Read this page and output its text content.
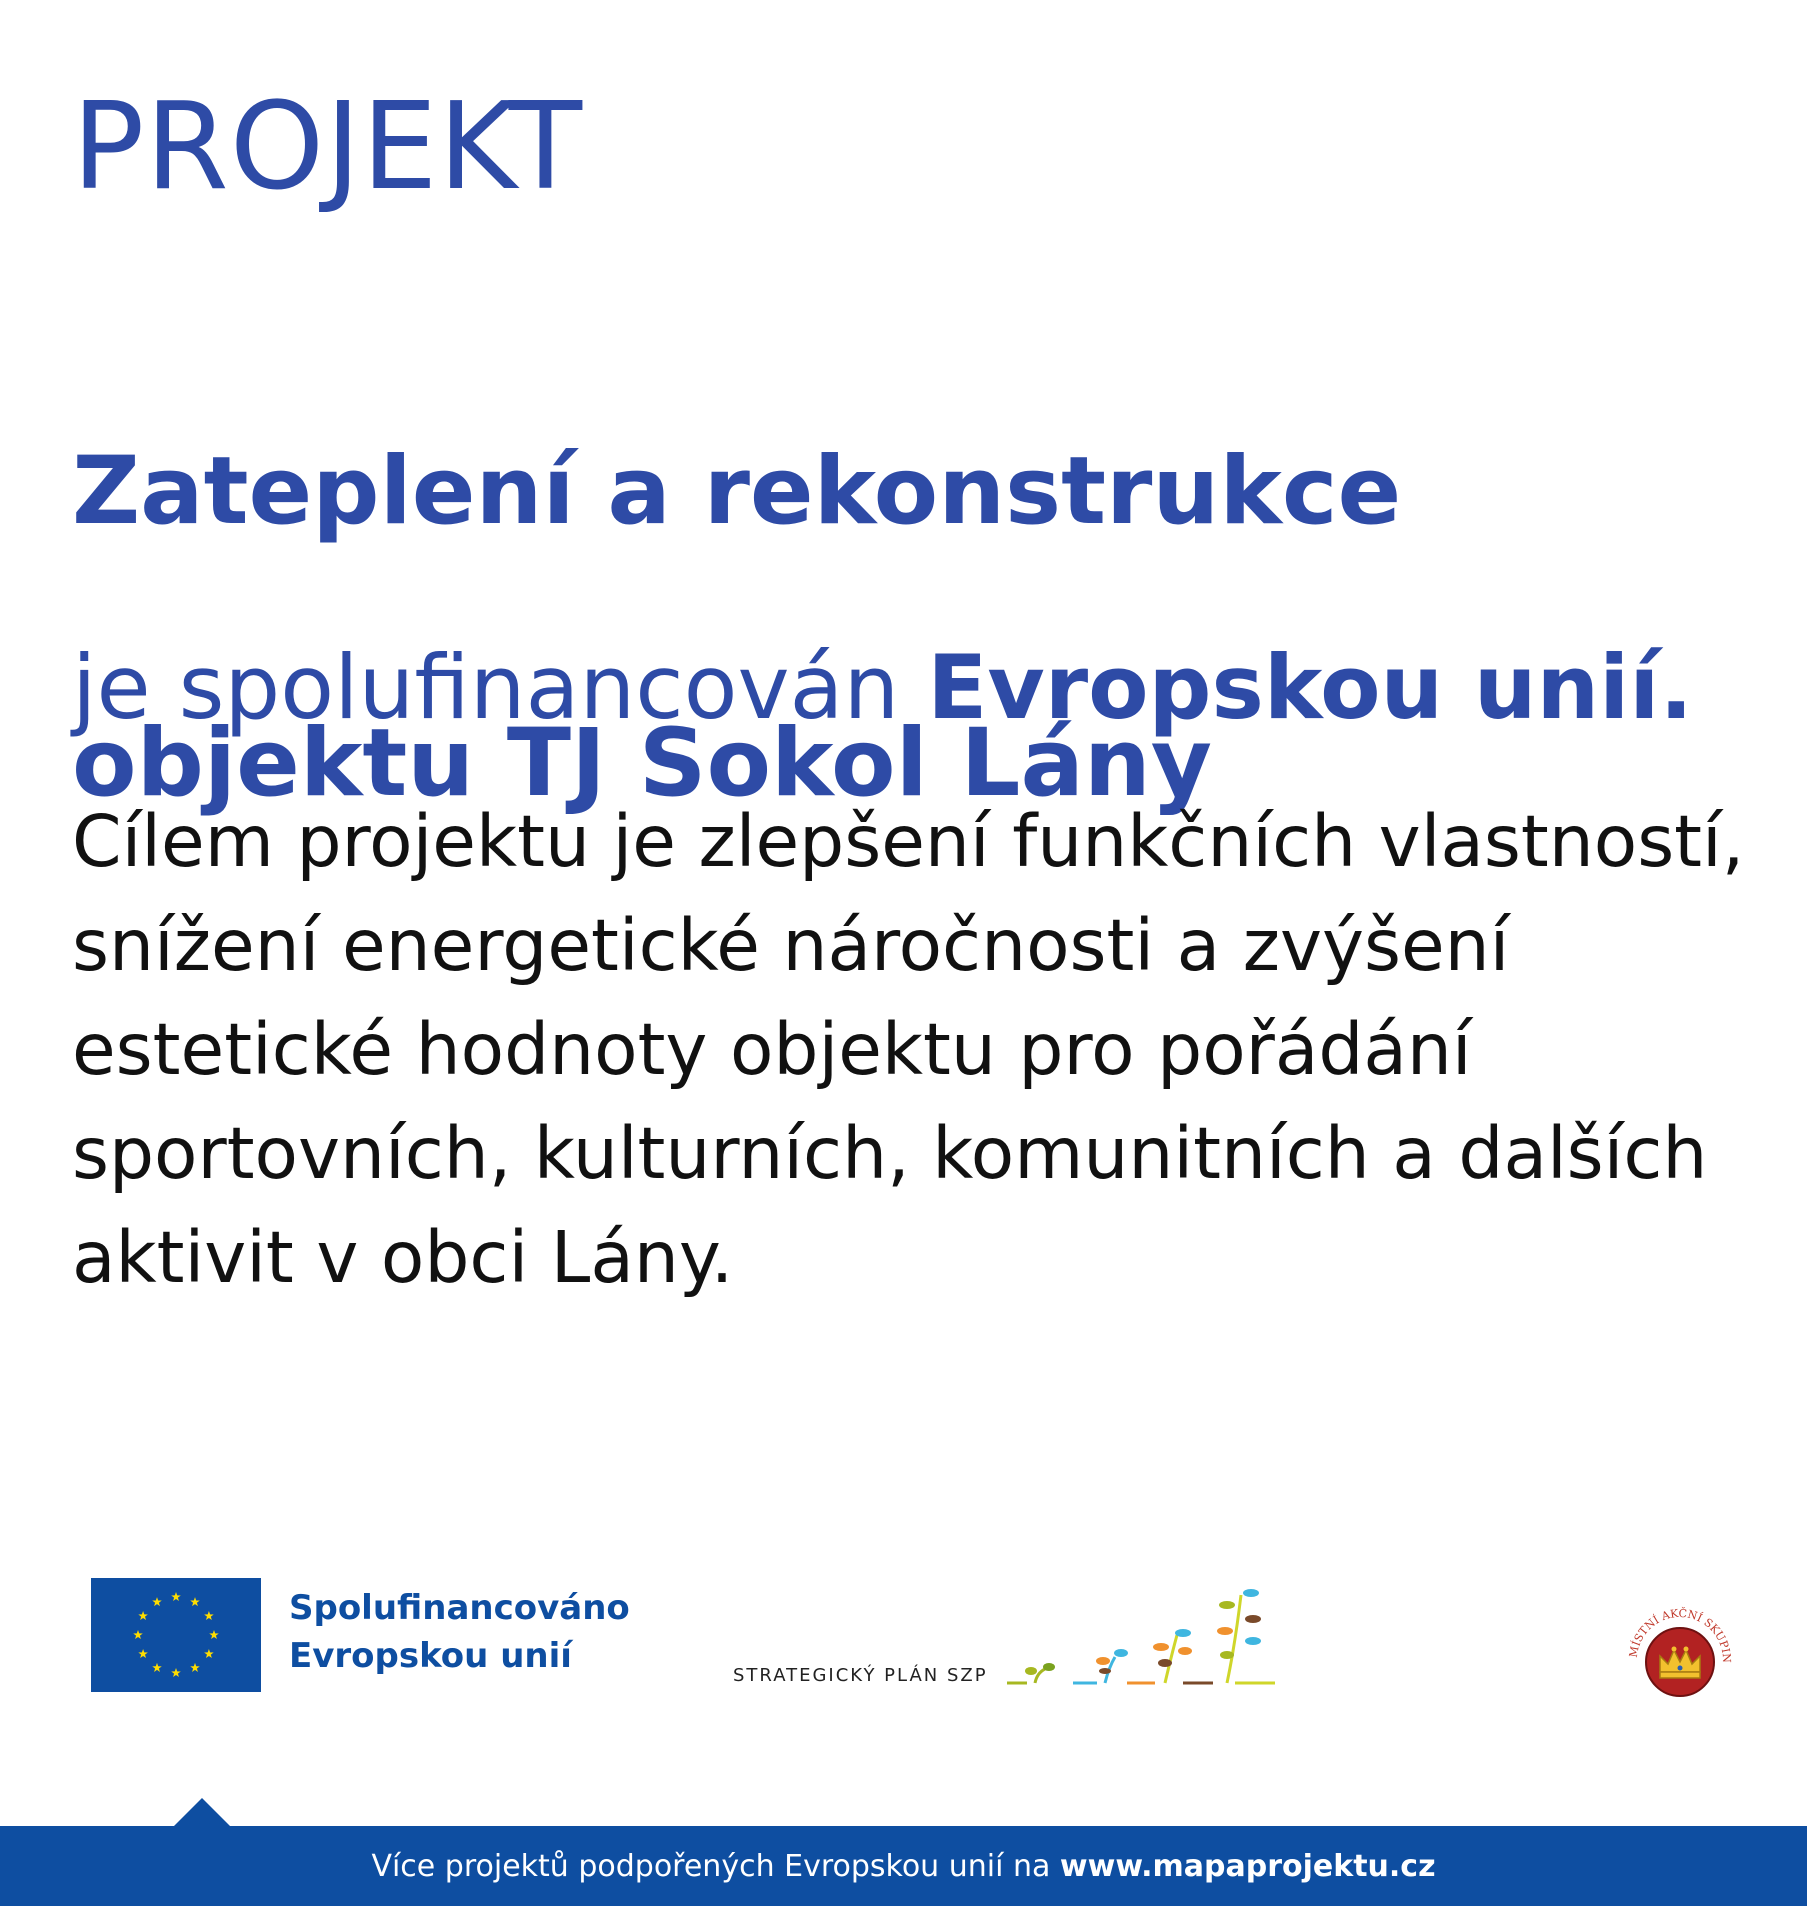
PROJEKT

Zateplení a rekonstrukce

objektu TJ Sokol Lány

je spolufinancován Evropskou unií.
Cílem projektu je zlepšení funkčních vlastností, snížení energetické náročnosti a zvýšení estetické hodnoty objektu pro pořádání sportovních, kulturních, komunitních a dalších aktivit v obci Lány.
Spolufinancováno
Evropskou unií	STRATEGICKÝ PLÁN SZP
MÍSTNÍ AKČNÍ SKUPIN
Více projektů podpořených Evropskou unií na www.mapaprojektu.cz
